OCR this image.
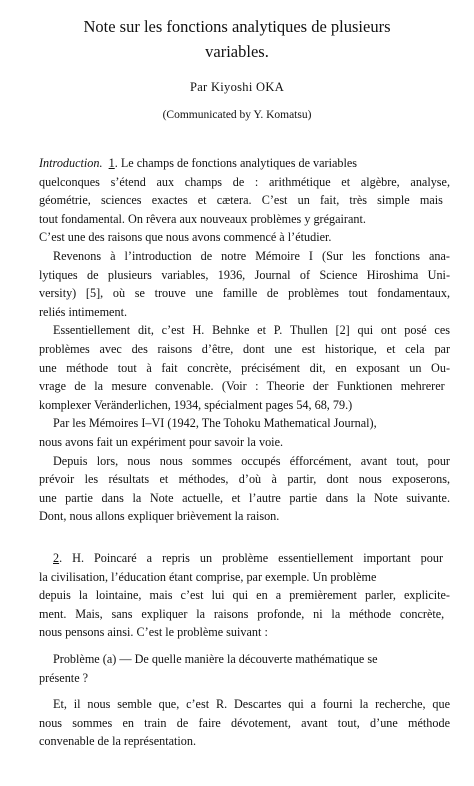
Note sur les fonctions analytiques de plusieurs
variables.
Par Kiyoshi OKA
(Communicated by Y. Komatsu)
Introduction. 1. Le champs de fonctions analytiques de variables
quelconques s’étend aux champs de : arithmétique et algèbre, analyse,
géométrie, sciences exactes et cætera. C’est un fait, très simple mais
tout fondamental. On rêvera aux nouveaux problèmes y grégairant.
C’est une des raisons que nous avons commencé à l’étudier.
Revenons à l’introduction de notre Mémoire I (Sur les fonctions ana-
lytiques de plusieurs variables, 1936, Journal of Science Hiroshima Uni-
versity) [5], où se trouve une famille de problèmes tout fondamentaux,
reliés intimement.
Essentiellement dit, c’est H. Behnke et P. Thullen [2] qui ont posé ces
problèmes avec des raisons d’être, dont une est historique, et cela par
une méthode tout à fait concrète, précisément dit, en exposant un Ou-
vrage de la mesure convenable. (Voir : Theorie der Funktionen mehrerer
komplexer Veränderlichen, 1934, spécialment pages 54, 68, 79.)
Par les Mémoires I–VI (1942, The Tohoku Mathematical Journal),
nous avons fait un expériment pour savoir la voie.
Depuis lors, nous nous sommes occupés éfforcément, avant tout, pour
prévoir les résultats et méthodes, d’où à partir, dont nous exposerons,
une partie dans la Note actuelle, et l’autre partie dans la Note suivante.
Dont, nous allons expliquer brièvement la raison.
2. H. Poincaré a repris un problème essentiellement important pour
la civilisation, l’éducation étant comprise, par exemple. Un problème
depuis la lointaine, mais c’est lui qui en a premièrement parler, explicite-
ment. Mais, sans expliquer la raisons profonde, ni la méthode concrète,
nous pensons ainsi. C’est le problème suivant :
Problème (a) — De quelle manière la découverte mathématique se
présente ?
Et, il nous semble que, c’est R. Descartes qui a fourni la recherche, que
nous sommes en train de faire dévotement, avant tout, d’une méthode
convenable de la représentation.
